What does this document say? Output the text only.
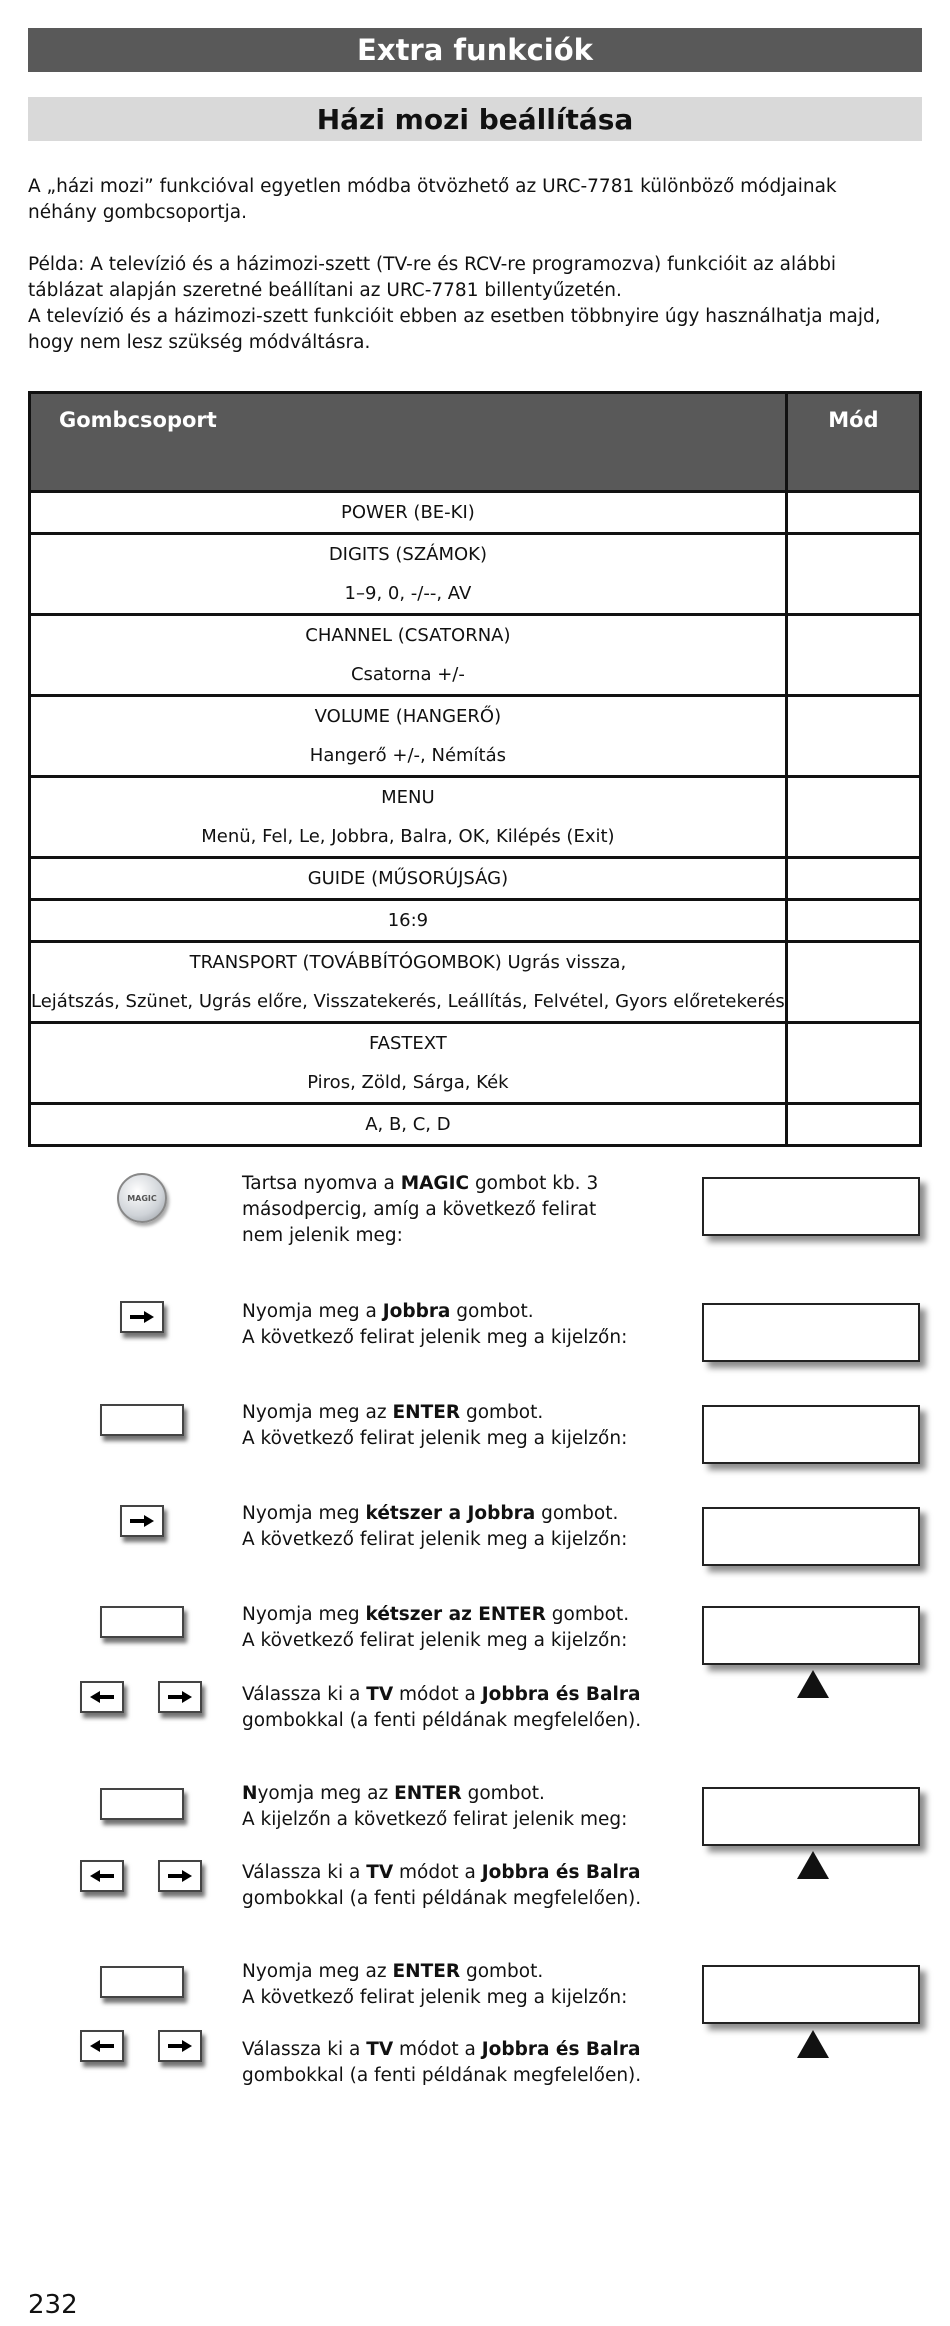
Extra funkciók
Házi mozi beállítása

A „házi mozi” funkcióval egyetlen módba ötvözhető az URC-7781 különböző módjainak néhány gombcsoportja.

Példa: A televízió és a házimozi-szett (TV-re és RCV-re programozva) funkcióit az alábbi táblázat alapján szeretné beállítani az URC-7781 billentyűzetén.

A televízió és a házimozi-szett funkcióit ebben az esetben többnyire úgy használhatja majd, hogy nem lesz szükség módváltásra.

Gombcsoport	Mód

POWER (BE-KI)	

DIGITS (SZÁMOK)
1–9, 0, -/--, AV	

CHANNEL (CSATORNA)
Csatorna +/-	

VOLUME (HANGERŐ)
Hangerő +/-, Némítás	

MENU
Menü, Fel, Le, Jobbra, Balra, OK, Kilépés (Exit)	

GUIDE (MŰSORÚJSÁG)	

16:9	

TRANSPORT (TOVÁBBÍTÓGOMBOK) Ugrás vissza,
Lejátszás, Szünet, Ugrás előre, Visszatekerés, Leállítás, Felvétel, Gyors előretekerés	

FASTEXT
Piros, Zöld, Sárga, Kék	

A, B, C, D	

MAGIC
Tartsa nyomva a MAGIC gombot kb. 3
másodpercig, amíg a következő felirat
nem jelenik meg:
Nyomja meg a Jobbra gombot.
A következő felirat jelenik meg a kijelzőn:
Nyomja meg az ENTER gombot.
A következő felirat jelenik meg a kijelzőn:
Nyomja meg kétszer a Jobbra gombot.
A következő felirat jelenik meg a kijelzőn:
Nyomja meg kétszer az ENTER gombot.
A következő felirat jelenik meg a kijelzőn:
Válassza ki a TV módot a Jobbra és Balra
gombokkal (a fenti példának megfelelően).
Nyomja meg az ENTER gombot.
A kijelzőn a következő felirat jelenik meg:
Válassza ki a TV módot a Jobbra és Balra
gombokkal (a fenti példának megfelelően).
Nyomja meg az ENTER gombot.
A következő felirat jelenik meg a kijelzőn:
Válassza ki a TV módot a Jobbra és Balra
gombokkal (a fenti példának megfelelően).
232
